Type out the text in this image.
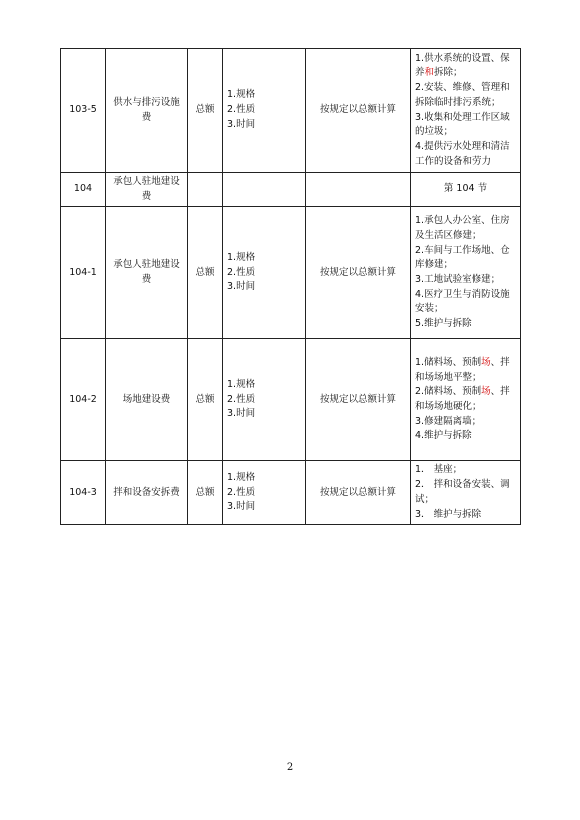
103-5	供水与排污设施费	总额	1.规格
2.性质
3.时间	按规定以总额计算	1.供水系统的设置、保养和拆除；
2.安装、维修、管理和拆除临时排污系统；
3.收集和处理工作区域的垃圾；
4.提供污水处理和清洁工作的设备和劳力

104	承包人驻地建设费				第 104 节
104-1	承包人驻地建设费	总额	1.规格
2.性质
3.时间	按规定以总额计算	1.承包人办公室、住房及生活区修建；
2.车间与工作场地、仓库修建；
3.工地试验室修建；
4.医疗卫生与消防设施安装；
5.维护与拆除

104-2	场地建设费	总额	1.规格
2.性质
3.时间	按规定以总额计算	1.储料场、预制场、拌和场场地平整；
2.储料场、预制场、拌和场场地硬化；
3.修建隔离墙；
4.维护与拆除

104-3	拌和设备安拆费	总额	1.规格
2.性质
3.时间	按规定以总额计算	1． 基座；
2． 拌和设备安装、调试；
3． 维护与拆除
2
